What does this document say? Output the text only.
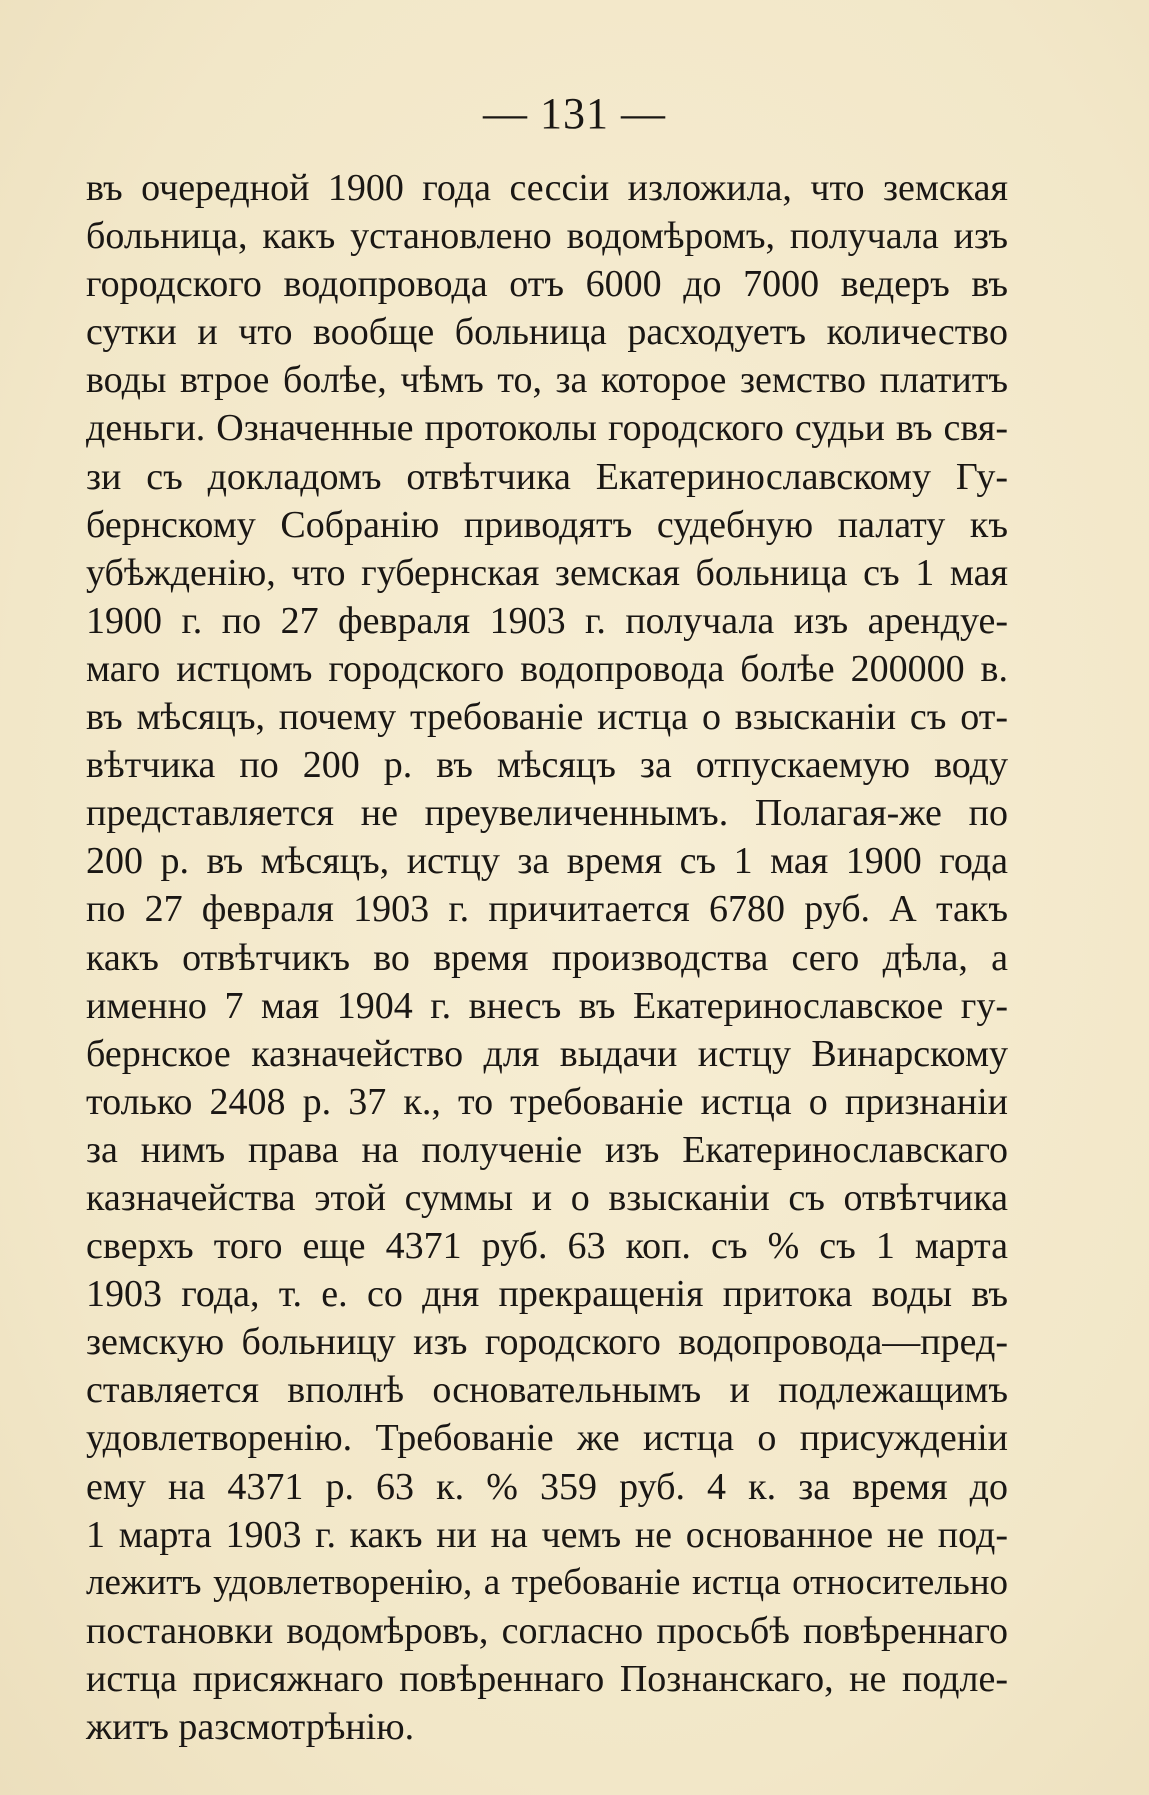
— 131 —
въ очередной 1900 года сессіи изложила, что земская
больница, какъ установлено водомѣромъ, получала изъ
городского водопровода отъ 6000 до 7000 ведеръ въ
сутки и что вообще больница расходуетъ количество
воды втрое болѣе, чѣмъ то, за которое земство платитъ
деньги. Означенные протоколы городского судьи въ свя-
зи съ докладомъ отвѣтчика Екатеринославскому Гу-
бернскому Собранію приводятъ судебную палату къ
убѣжденію, что губернская земская больница съ 1 мая
1900 г. по 27 февраля 1903 г. получала изъ арендуе-
маго истцомъ городского водопровода болѣе 200000 в.
въ мѣсяцъ, почему требованіе истца о взысканіи съ от-
вѣтчика по 200 р. въ мѣсяцъ за отпускаемую воду
представляется не преувеличеннымъ. Полагая-же по
200 р. въ мѣсяцъ, истцу за время съ 1 мая 1900 года
по 27 февраля 1903 г. причитается 6780 руб. А такъ
какъ отвѣтчикъ во время производства сего дѣла, а
именно 7 мая 1904 г. внесъ въ Екатеринославское гу-
бернское казначейство для выдачи истцу Винарскому
только 2408 р. 37 к., то требованіе истца о признаніи
за нимъ права на полученіе изъ Екатеринославскаго
казначейства этой суммы и о взысканіи съ отвѣтчика
сверхъ того еще 4371 руб. 63 коп. съ % съ 1 марта
1903 года, т. е. со дня прекращенія притока воды въ
земскую больницу изъ городского водопровода—пред-
ставляется вполнѣ основательнымъ и подлежащимъ
удовлетворенію. Требованіе же истца о присужденіи
ему на 4371 р. 63 к. % 359 руб. 4 к. за время до
1 марта 1903 г. какъ ни на чемъ не основанное не под-
лежитъ удовлетворенію, а требованіе истца относительно
постановки водомѣровъ, согласно просьбѣ повѣреннаго
истца присяжнаго повѣреннаго Познанскаго, не подле-
житъ разсмотрѣнію.
